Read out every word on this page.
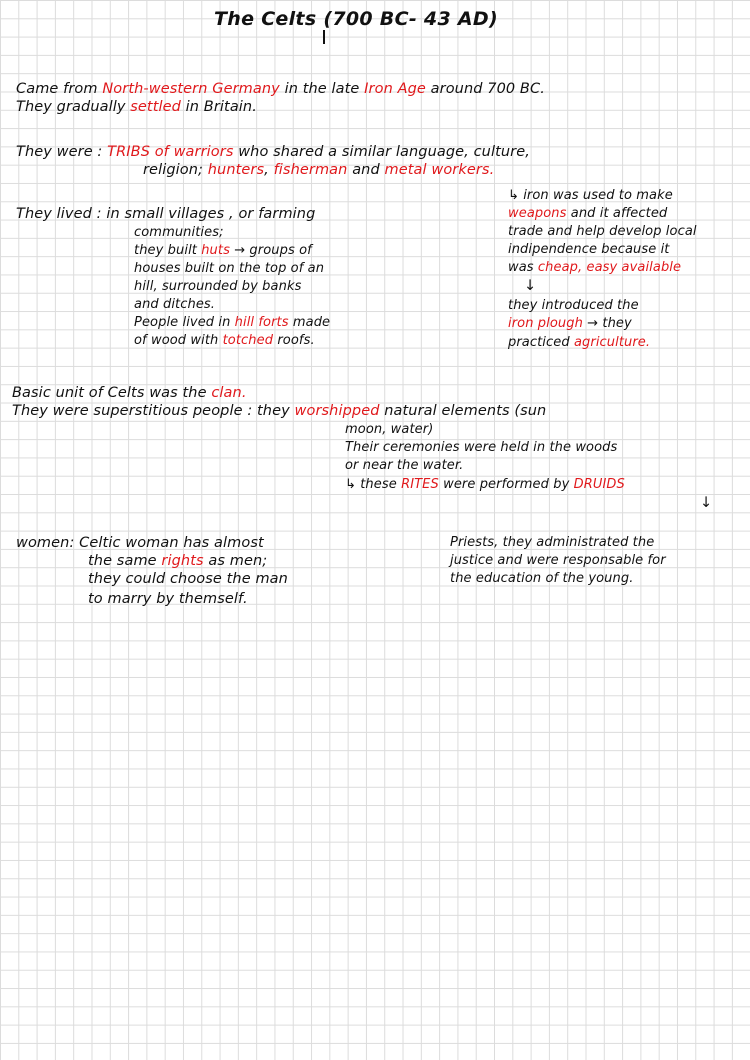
The Celts (700 BC- 43 AD)
Came from North-western Germany in the late Iron Age around 700 BC.
They gradually settled in Britain.
They were : TRIBS of warriors who shared a similar language, culture,
religion; hunters, fisherman and metal workers.
They lived : in small villages , or farming
communities;
they built huts → groups of
houses built on the top of an
hill, surrounded by banks
and ditches.
People lived in hill forts made
of wood with totched roofs.
↳ iron was used to make
weapons and it affected
trade and help develop local
indipendence because it
was cheap, easy available
↓
they introduced the
iron plough → they
practiced agriculture.
Basic unit of Celts was the clan.
They were superstitious people : they worshipped natural elements (sun
moon, water)
Their ceremonies were held in the woods
or near the water.
↳ these RITES were performed by DRUIDS
↓
Priests, they administrated the
justice and were responsable for
the education of the young.
women: Celtic woman has almost
the same rights as men;
they could choose the man
to marry by themself.
